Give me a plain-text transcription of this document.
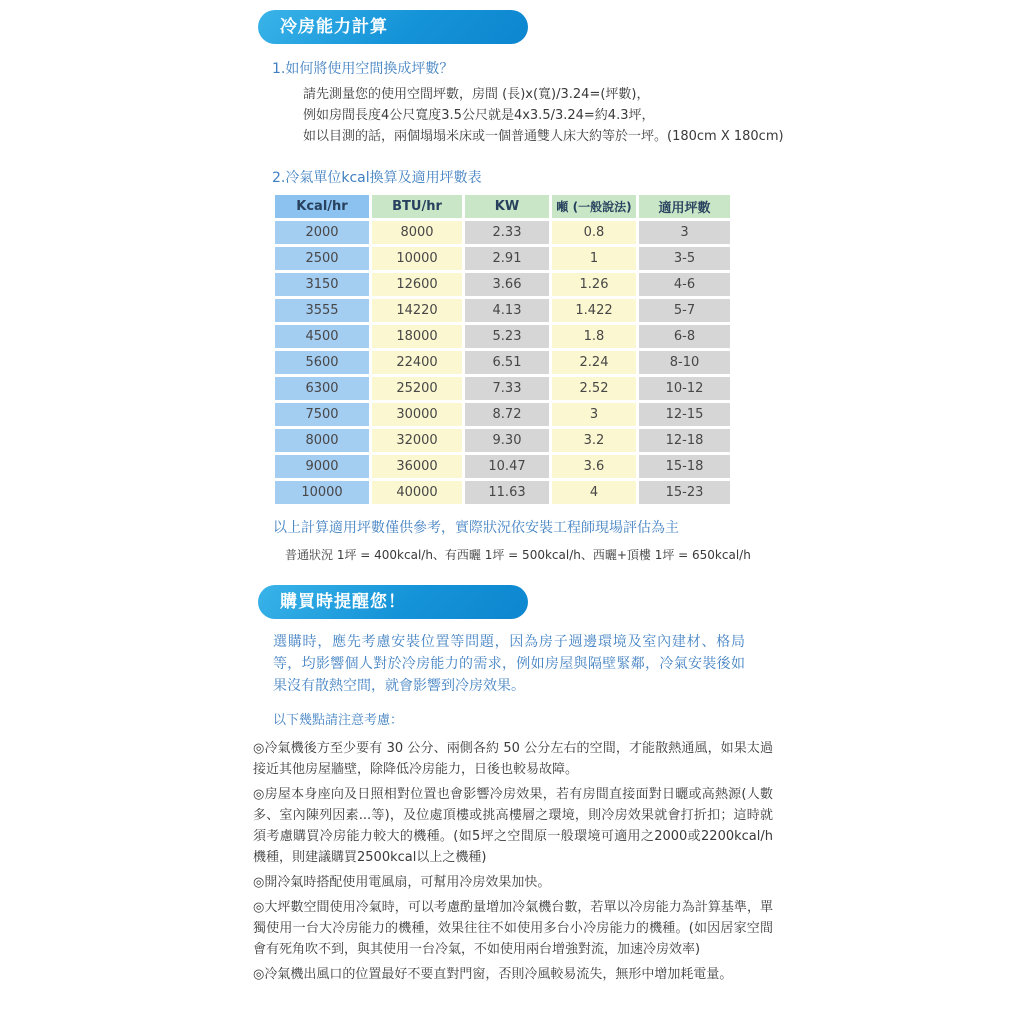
冷房能力計算
1.如何將使用空間換成坪數？
請先測量您的使用空間坪數，房間 (長)x(寬)/3.24=(坪數)，
例如房間長度4公尺寬度3.5公尺就是4x3.5/3.24=約4.3坪，
如以目測的話，兩個塌塌米床或一個普通雙人床大約等於一坪。(180cm X 180cm)
2.冷氣單位kcal換算及適用坪數表
Kcal/hr	BTU/hr	KW	噸 (一般說法)	適用坪數
2000	8000	2.33	0.8	3
2500	10000	2.91	1	3-5
3150	12600	3.66	1.26	4-6
3555	14220	4.13	1.422	5-7
4500	18000	5.23	1.8	6-8
5600	22400	6.51	2.24	8-10
6300	25200	7.33	2.52	10-12
7500	30000	8.72	3	12-15
8000	32000	9.30	3.2	12-18
9000	36000	10.47	3.6	15-18
10000	40000	11.63	4	15-23
以上計算適用坪數僅供參考，實際狀況依安裝工程師現場評估為主
普通狀況 1坪 = 400kcal/h、有西曬 1坪 = 500kcal/h、西曬+頂樓 1坪 = 650kcal/h
購買時提醒您！
選購時，應先考慮安裝位置等問題，因為房子週邊環境及室內建材、格局等，均影響個人對於冷房能力的需求，例如房屋與隔壁緊鄰，冷氣安裝後如果沒有散熱空間，就會影響到冷房效果。
以下幾點請注意考慮：
◎冷氣機後方至少要有 30 公分、兩側各約 50 公分左右的空間，才能散熱通風，如果太過接近其他房屋牆壁，除降低冷房能力，日後也較易故障。
◎房屋本身座向及日照相對位置也會影響冷房效果，若有房間直接面對日曬或高熱源(人數多、室內陳列因素...等)，及位處頂樓或挑高樓層之環境，則冷房效果就會打折扣；這時就須考慮購買冷房能力較大的機種。(如5坪之空間原一般環境可適用之2000或2200kcal/h機種，則建議購買2500kcal以上之機種)
◎開冷氣時搭配使用電風扇，可幫用冷房效果加快。
◎大坪數空間使用冷氣時，可以考慮酌量增加冷氣機台數，若單以冷房能力為計算基準，單獨使用一台大冷房能力的機種，效果往往不如使用多台小冷房能力的機種。(如因居家空間會有死角吹不到，與其使用一台冷氣，不如使用兩台增強對流，加速冷房效率)
◎冷氣機出風口的位置最好不要直對門窗，否則冷風較易流失，無形中增加耗電量。
